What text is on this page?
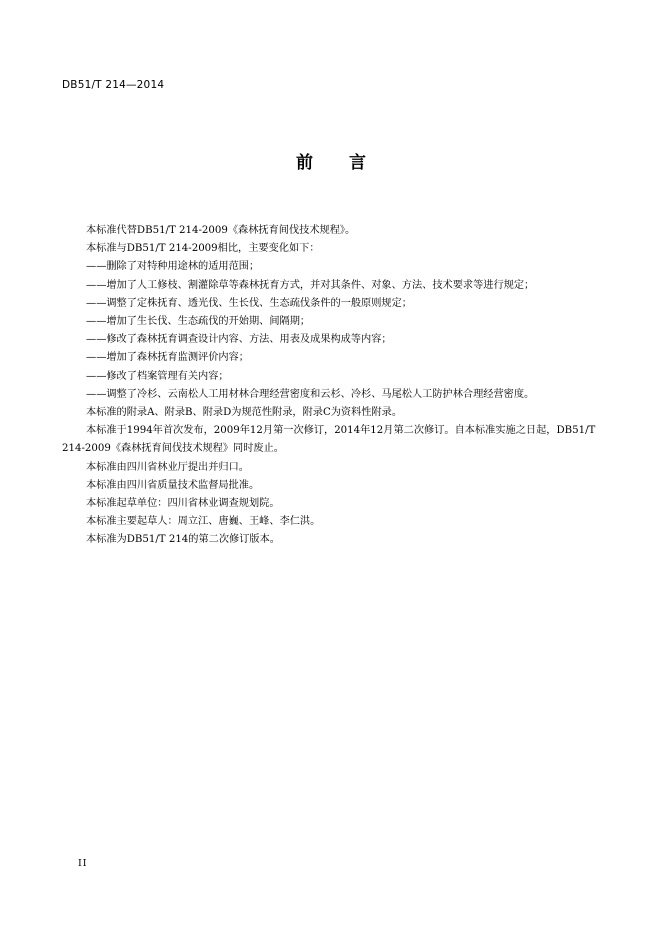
DB51/T 214—2014
前 言

本标准代替DB51/T 214-2009《森林抚育间伐技术规程》。

本标准与DB51/T 214-2009相比，主要变化如下：

——删除了对特种用途林的适用范围；

——增加了人工修枝、割灌除草等森林抚育方式，并对其条件、对象、方法、技术要求等进行规定；

——调整了定株抚育、透光伐、生长伐、生态疏伐条件的一般原则规定；

——增加了生长伐、生态疏伐的开始期、间隔期；

——修改了森林抚育调查设计内容、方法、用表及成果构成等内容；

——增加了森林抚育监测评价内容；

——修改了档案管理有关内容；

——调整了冷杉、云南松人工用材林合理经营密度和云杉、冷杉、马尾松人工防护林合理经营密度。

本标准的附录A、附录B、附录D为规范性附录，附录C为资料性附录。

本标准于1994年首次发布，2009年12月第一次修订，2014年12月第二次修订。自本标准实施之日起，DB51/T 214-2009《森林抚育间伐技术规程》同时废止。

本标准由四川省林业厅提出并归口。

本标准由四川省质量技术监督局批准。

本标准起草单位：四川省林业调查规划院。

本标准主要起草人：周立江、唐巍、王峰、李仁洪。

本标准为DB51/T 214的第二次修订版本。

II
